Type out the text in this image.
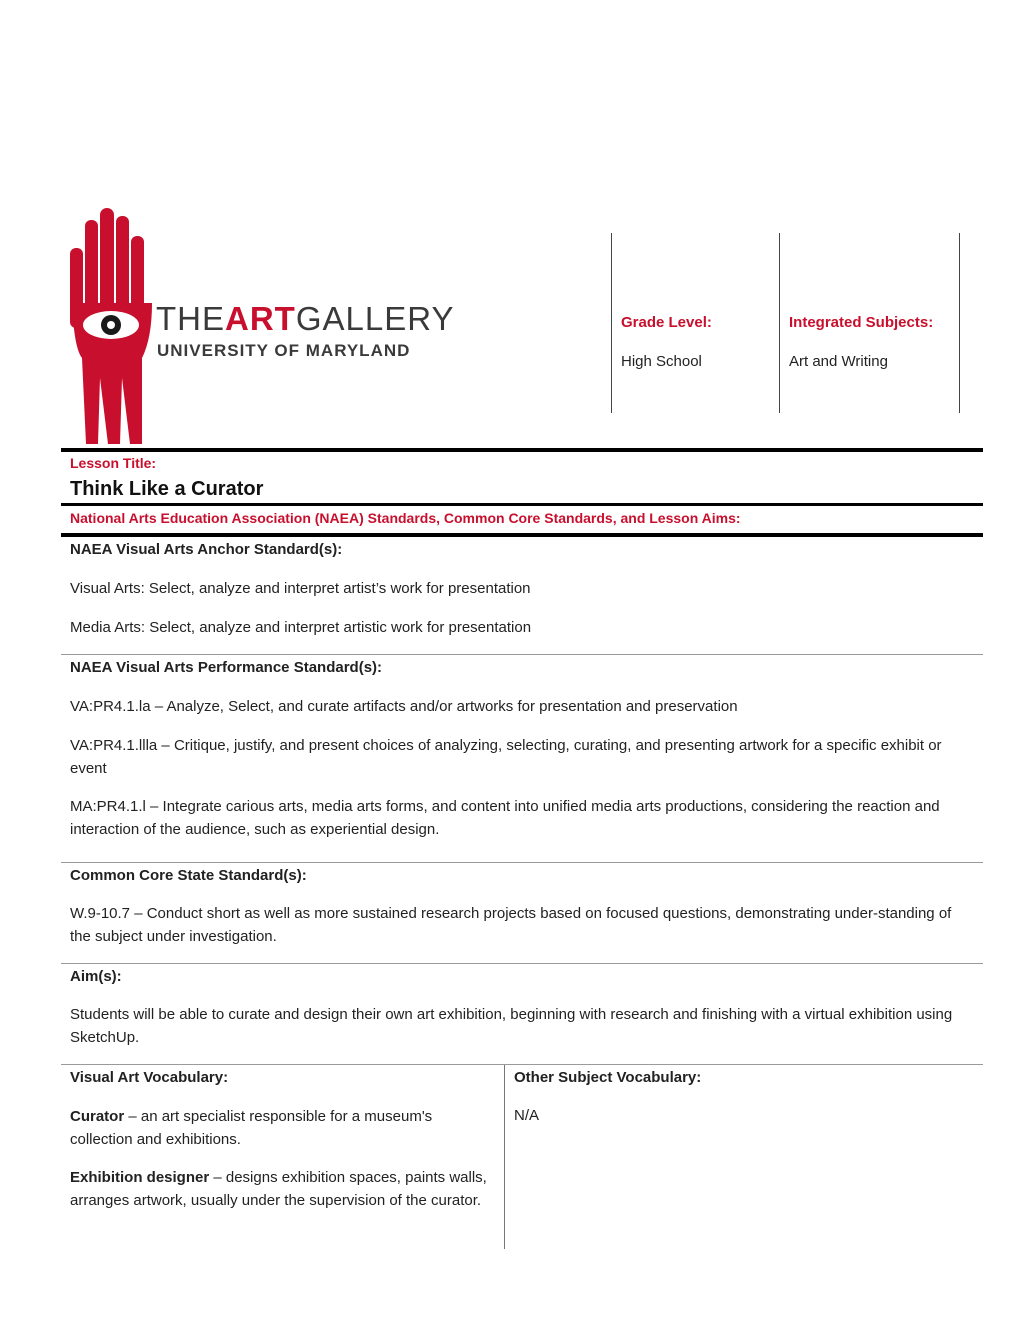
THEARTGALLERY
UNIVERSITY OF MARYLAND
Grade Level:
High School
Integrated Subjects:
Art and Writing
Lesson Title:
Think Like a Curator
National Arts Education Association (NAEA) Standards, Common Core Standards, and Lesson Aims:
NAEA Visual Arts Anchor Standard(s):
Visual Arts: Select, analyze and interpret artist’s work for presentation
Media Arts: Select, analyze and interpret artistic work for presentation
NAEA Visual Arts Performance Standard(s):
VA:PR4.1.la – Analyze, Select, and curate artifacts and/or artworks for presentation and preservation
VA:PR4.1.llla – Critique, justify, and present choices of analyzing, selecting, curating, and presenting artwork for a specific exhibit or event
MA:PR4.1.l – Integrate carious arts, media arts forms, and content into unified media arts productions, considering the reaction and interaction of the audience, such as experiential design.
Common Core State Standard(s):
W.9-10.7 – Conduct short as well as more sustained research projects based on focused questions, demonstrating under-standing of the subject under investigation.
Aim(s):
Students will be able to curate and design their own art exhibition, beginning with research and finishing with a virtual exhibition using SketchUp.
Visual Art Vocabulary:	Other Subject Vocabulary:
Curator – an art specialist responsible for a museum's collection and exhibitions.
Exhibition designer – designs exhibition spaces, paints walls, arranges artwork, usually under the supervision of the curator.
N/A
